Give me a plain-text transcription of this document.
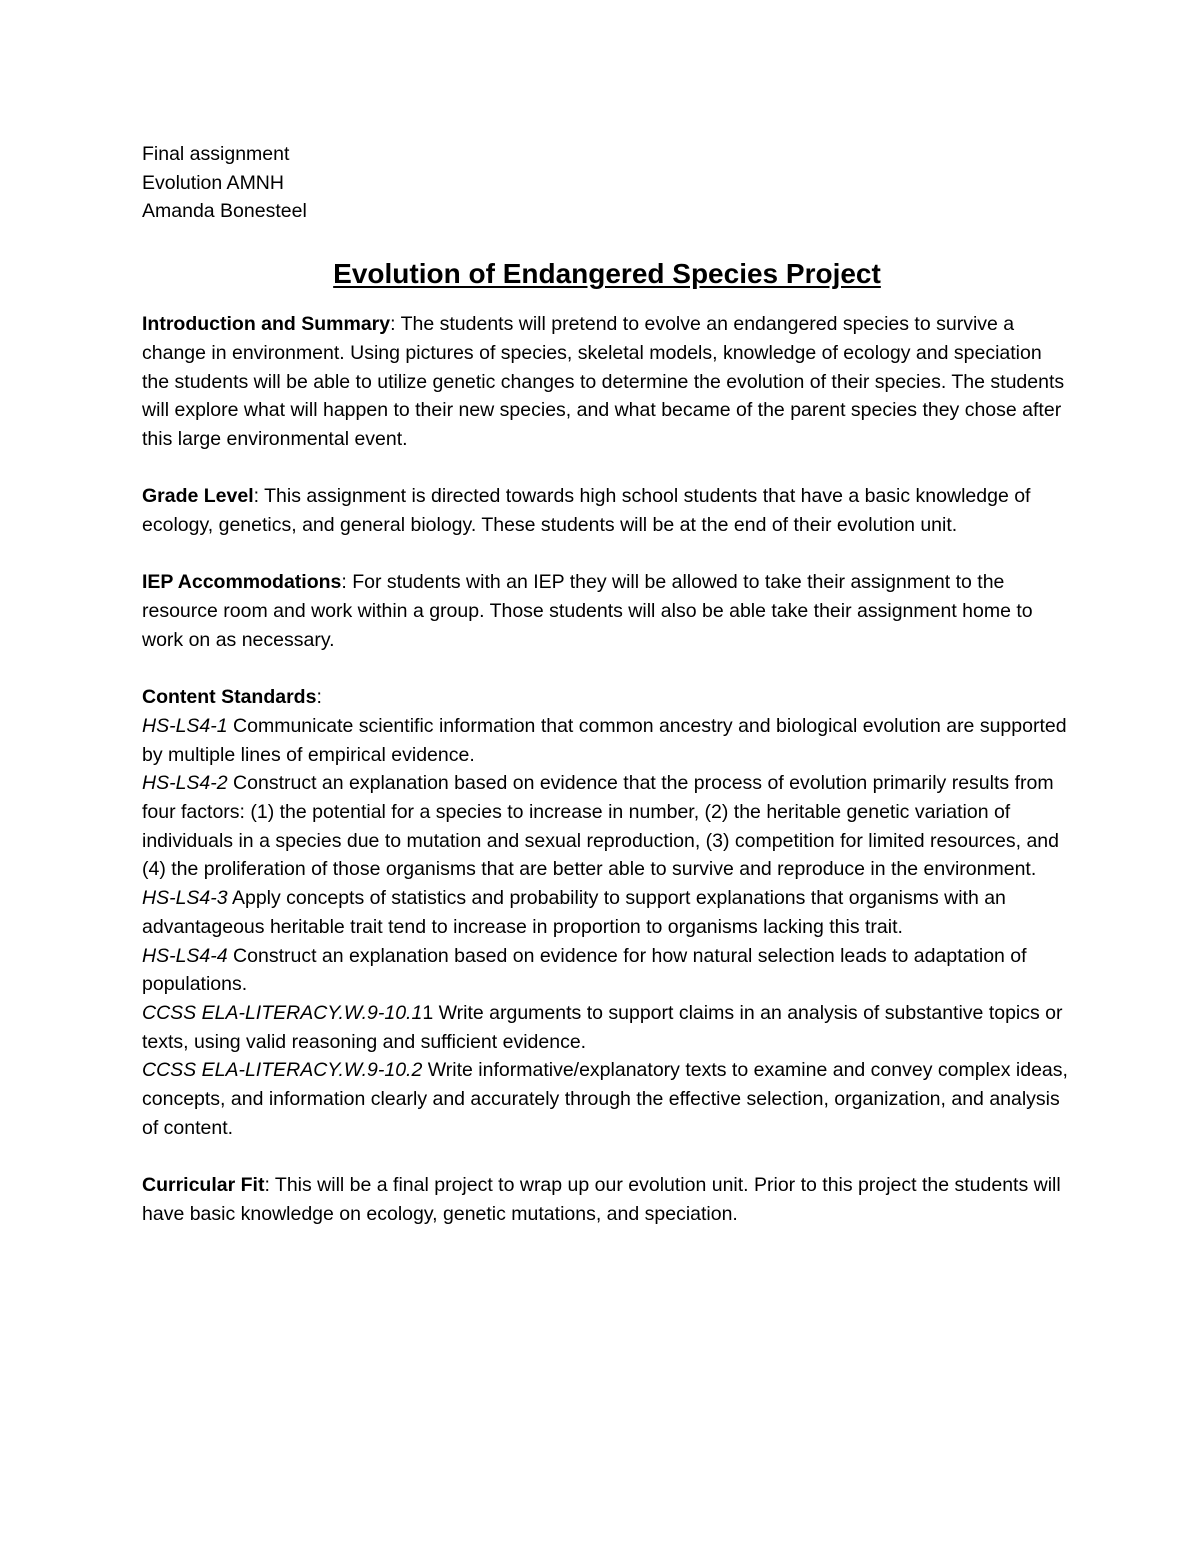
Final assignment

Evolution AMNH

Amanda Bonesteel

Evolution of Endangered Species Project

Introduction and Summary: The students will pretend to evolve an endangered species to survive a change in environment. Using pictures of species, skeletal models, knowledge of ecology and speciation the students will be able to utilize genetic changes to determine the evolution of their species. The students will explore what will happen to their new species, and what became of the parent species they chose after this large environmental event.

Grade Level: This assignment is directed towards high school students that have a basic knowledge of ecology, genetics, and general biology. These students will be at the end of their evolution unit.

IEP Accommodations: For students with an IEP they will be allowed to take their assignment to the resource room and work within a group. Those students will also be able take their assignment home to work on as necessary.

Content Standards:

HS-LS4-1 Communicate scientific information that common ancestry and biological evolution are supported by multiple lines of empirical evidence.

HS-LS4-2 Construct an explanation based on evidence that the process of evolution primarily results from four factors: (1) the potential for a species to increase in number, (2) the heritable genetic variation of individuals in a species due to mutation and sexual reproduction, (3) competition for limited resources, and (4) the proliferation of those organisms that are better able to survive and reproduce in the environment.

HS-LS4-3 Apply concepts of statistics and probability to support explanations that organisms with an advantageous heritable trait tend to increase in proportion to organisms lacking this trait.

HS-LS4-4 Construct an explanation based on evidence for how natural selection leads to adaptation of populations.

CCSS ELA-LITERACY.W.9-10.11 Write arguments to support claims in an analysis of substantive topics or texts, using valid reasoning and sufficient evidence.

CCSS ELA-LITERACY.W.9-10.2 Write informative/explanatory texts to examine and convey complex ideas, concepts, and information clearly and accurately through the effective selection, organization, and analysis of content.

Curricular Fit: This will be a final project to wrap up our evolution unit. Prior to this project the students will have basic knowledge on ecology, genetic mutations, and speciation.
